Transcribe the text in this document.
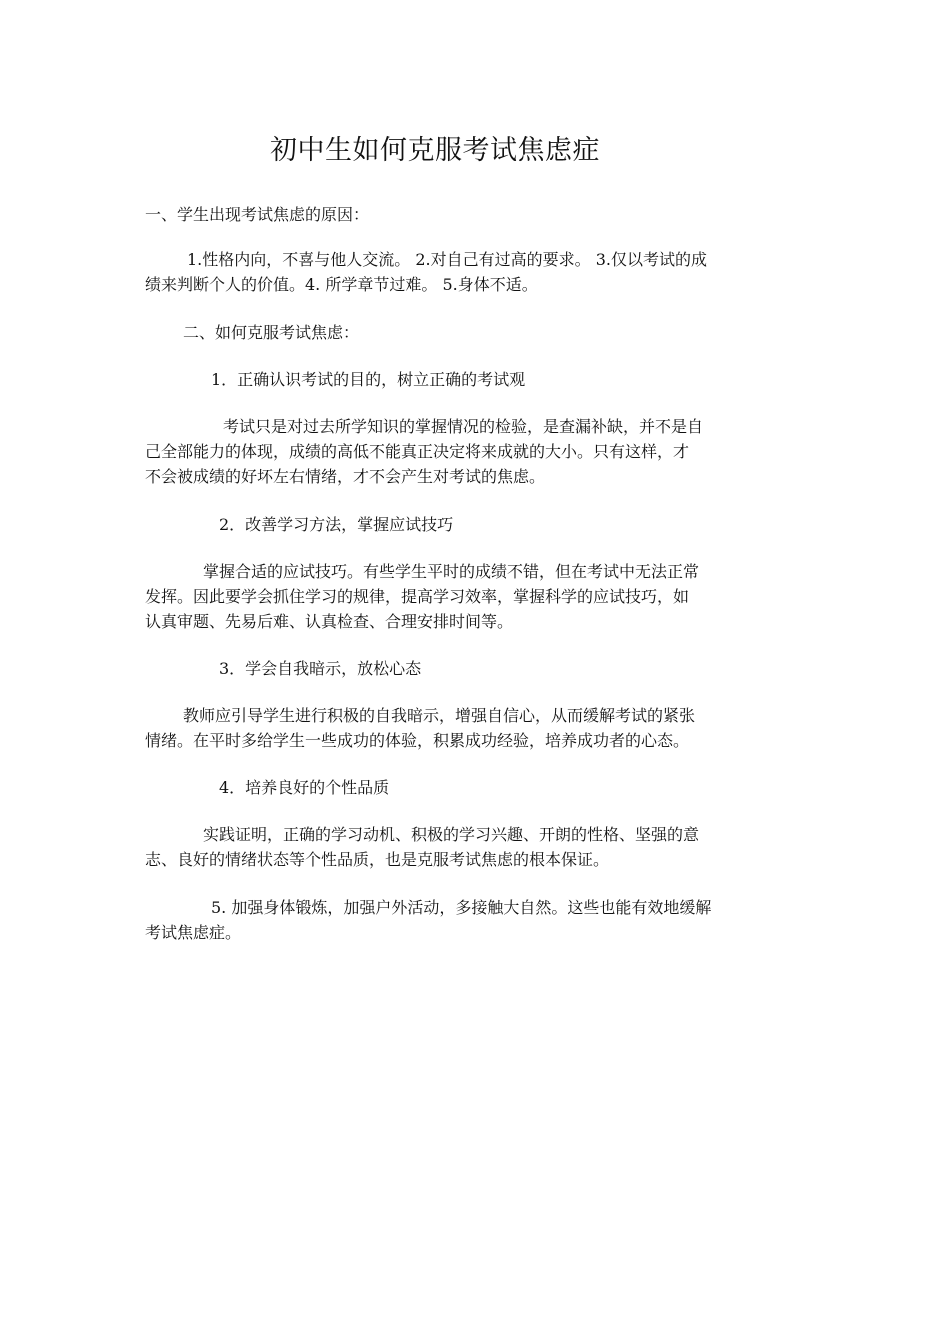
初中生如何克服考试焦虑症

一、学生出现考试焦虑的原因：

1.性格内向，不喜与他人交流。 2.对自己有过高的要求。 3.仅以考试的成
绩来判断个人的价值。4. 所学章节过难。 5.身体不适。

二、如何克服考试焦虑：

1．正确认识考试的目的，树立正确的考试观

考试只是对过去所学知识的掌握情况的检验，是查漏补缺，并不是自
己全部能力的体现，成绩的高低不能真正决定将来成就的大小。只有这样，才
不会被成绩的好坏左右情绪，才不会产生对考试的焦虑。

2．改善学习方法，掌握应试技巧

掌握合适的应试技巧。有些学生平时的成绩不错，但在考试中无法正常
发挥。因此要学会抓住学习的规律，提高学习效率，掌握科学的应试技巧，如
认真审题、先易后难、认真检查、合理安排时间等。

3．学会自我暗示，放松心态

教师应引导学生进行积极的自我暗示，增强自信心，从而缓解考试的紧张
情绪。在平时多给学生一些成功的体验，积累成功经验，培养成功者的心态。

4．培养良好的个性品质

实践证明，正确的学习动机、积极的学习兴趣、开朗的性格、坚强的意
志、良好的情绪状态等个性品质，也是克服考试焦虑的根本保证。

5. 加强身体锻炼，加强户外活动，多接触大自然。这些也能有效地缓解
考试焦虑症。
